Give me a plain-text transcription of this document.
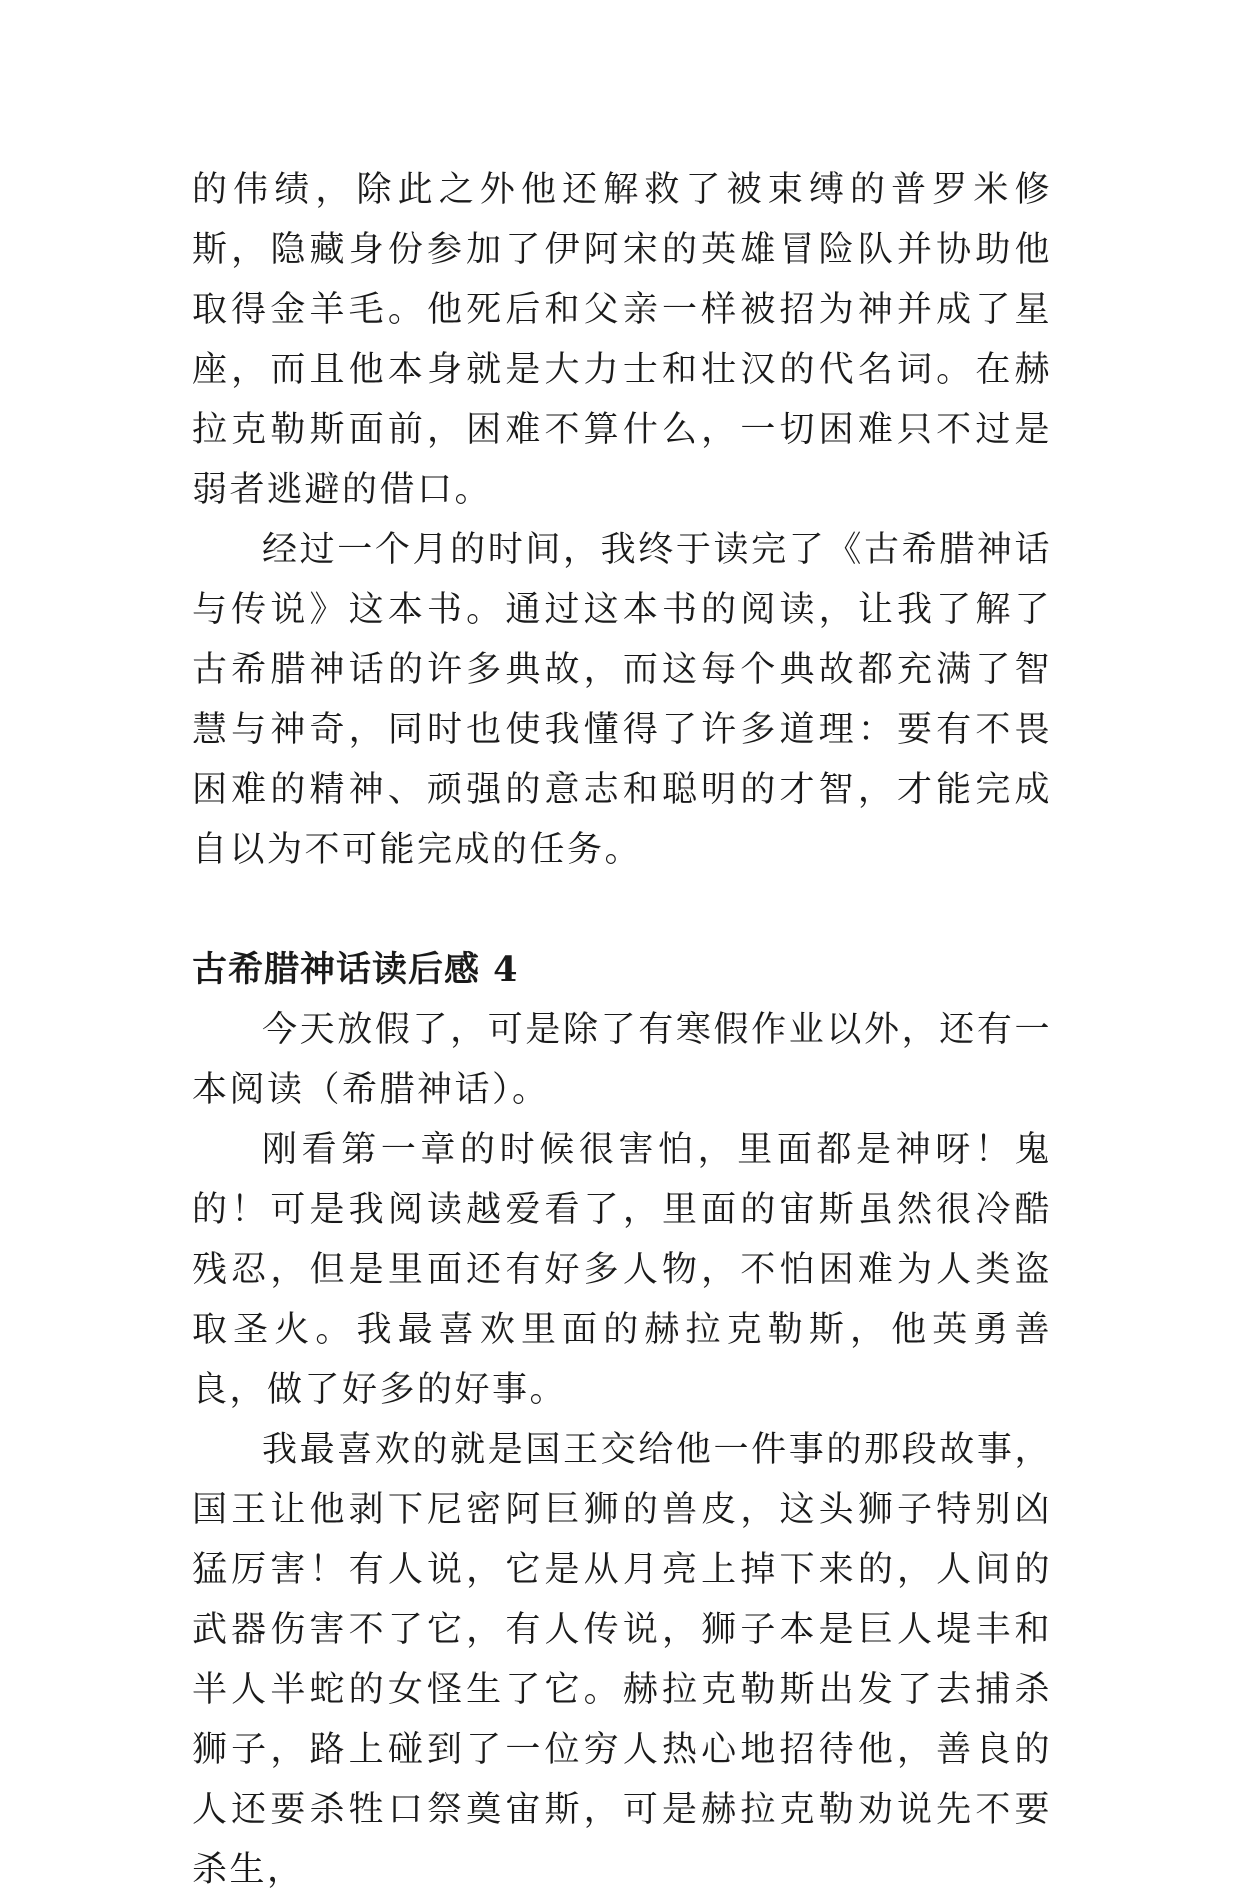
的伟绩，除此之外他还解救了被束缚的普罗米修斯，隐藏身份参加了伊阿宋的英雄冒险队并协助他取得金羊毛。他死后和父亲一样被招为神并成了星座，而且他本身就是大力士和壮汉的代名词。在赫拉克勒斯面前，困难不算什么，一切困难只不过是弱者逃避的借口。

经过一个月的时间，我终于读完了《古希腊神话与传说》这本书。通过这本书的阅读，让我了解了古希腊神话的许多典故，而这每个典故都充满了智慧与神奇，同时也使我懂得了许多道理：要有不畏困难的精神、顽强的意志和聪明的才智，才能完成自以为不可能完成的任务。

古希腊神话读后感 4

今天放假了，可是除了有寒假作业以外，还有一本阅读（希腊神话）。

刚看第一章的时候很害怕，里面都是神呀！鬼的！可是我阅读越爱看了，里面的宙斯虽然很冷酷残忍，但是里面还有好多人物，不怕困难为人类盗取圣火。我最喜欢里面的赫拉克勒斯，他英勇善良，做了好多的好事。

我最喜欢的就是国王交给他一件事的那段故事，国王让他剥下尼密阿巨狮的兽皮，这头狮子特别凶猛厉害！有人说，它是从月亮上掉下来的，人间的武器伤害不了它，有人传说，狮子本是巨人堤丰和半人半蛇的女怪生了它。赫拉克勒斯出发了去捕杀狮子，路上碰到了一位穷人热心地招待他，善良的人还要杀牲口祭奠宙斯，可是赫拉克勒劝说先不要杀生，
